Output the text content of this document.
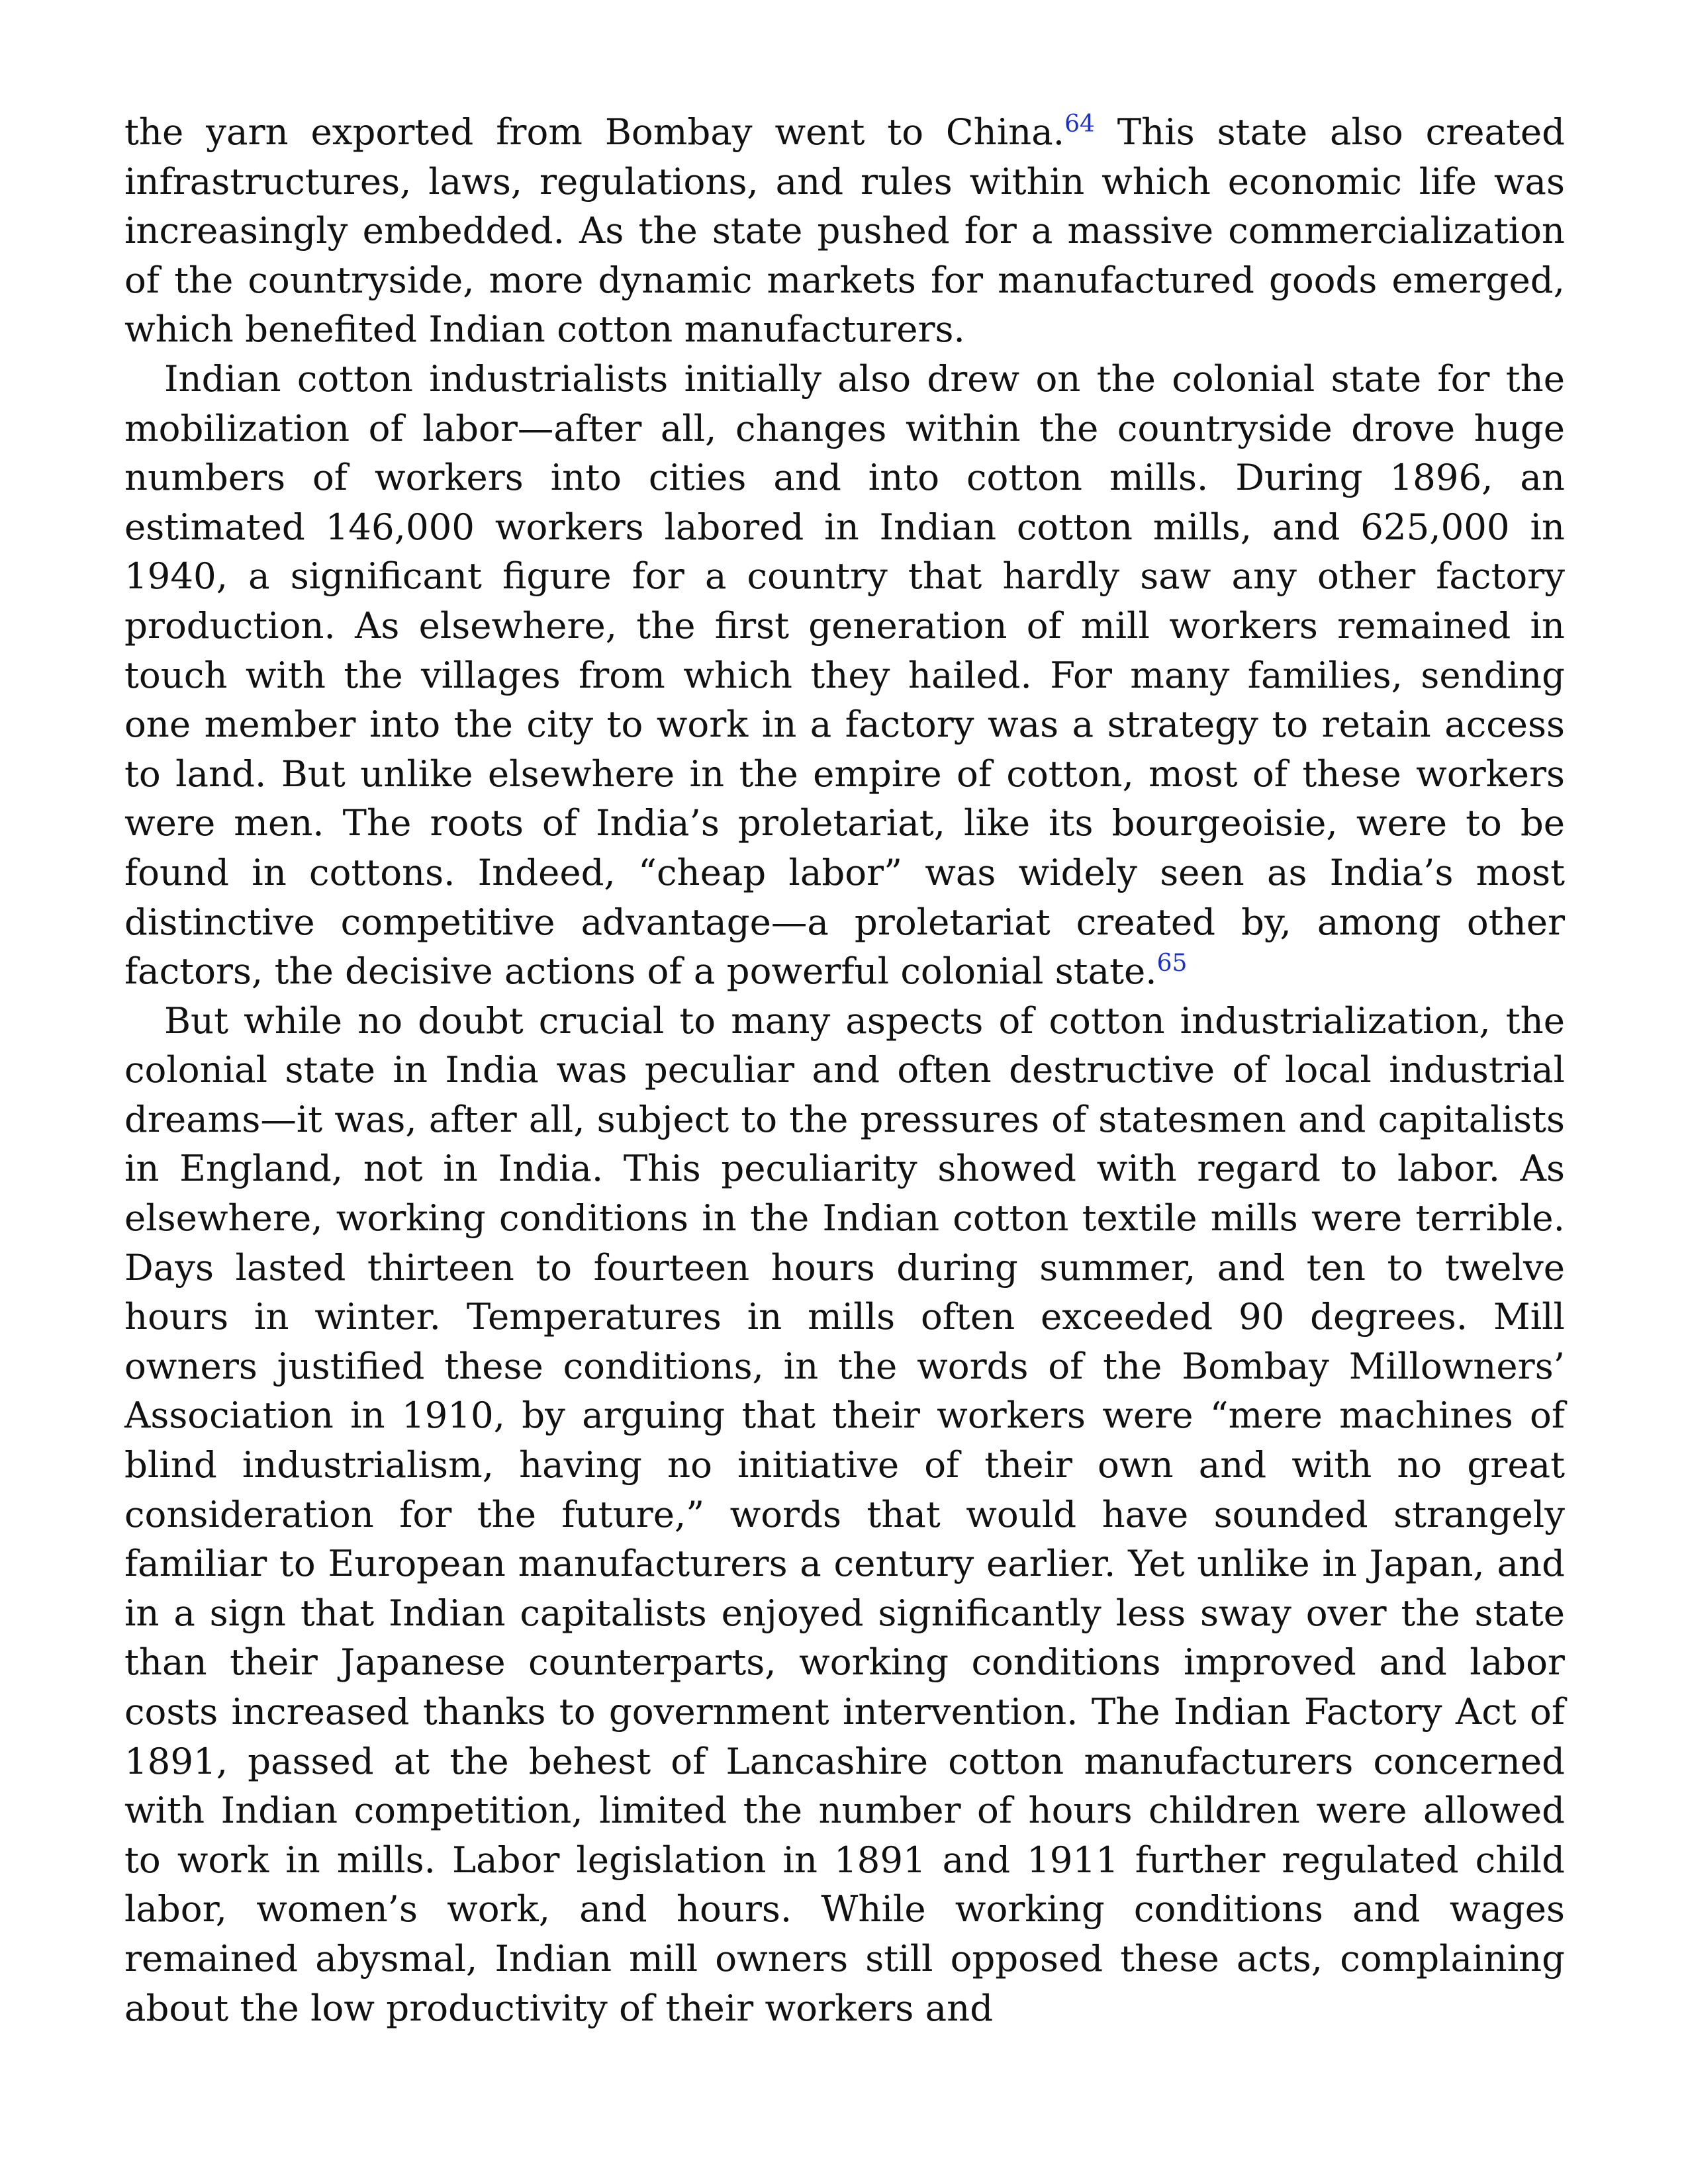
the yarn exported from Bombay went to China.$^{64}$ This state also created infrastructures, laws, regulations, and rules within which economic life was increasingly embedded. As the state pushed for a massive commercialization of the countryside, more dynamic markets for manufactured goods emerged, which benefited Indian cotton manufacturers.

Indian cotton industrialists initially also drew on the colonial state for the mobilization of labor—after all, changes within the countryside drove huge numbers of workers into cities and into cotton mills. During 1896, an estimated 146,000 workers labored in Indian cotton mills, and 625,000 in 1940, a significant figure for a country that hardly saw any other factory production. As elsewhere, the first generation of mill workers remained in touch with the villages from which they hailed. For many families, sending one member into the city to work in a factory was a strategy to retain access to land. But unlike elsewhere in the empire of cotton, most of these workers were men. The roots of India’s proletariat, like its bourgeoisie, were to be found in cottons. Indeed, “cheap labor” was widely seen as India’s most distinctive competitive advantage—a proletariat created by, among other factors, the decisive actions of a powerful colonial state.$^{65}$

But while no doubt crucial to many aspects of cotton industrialization, the colonial state in India was peculiar and often destructive of local industrial dreams—it was, after all, subject to the pressures of statesmen and capitalists in England, not in India. This peculiarity showed with regard to labor. As elsewhere, working conditions in the Indian cotton textile mills were terrible. Days lasted thirteen to fourteen hours during summer, and ten to twelve hours in winter. Temperatures in mills often exceeded 90 degrees. Mill owners justified these conditions, in the words of the Bombay Millowners’ Association in 1910, by arguing that their workers were “mere machines of blind industrialism, having no initiative of their own and with no great consideration for the future,” words that would have sounded strangely familiar to European manufacturers a century earlier. Yet unlike in Japan, and in a sign that Indian capitalists enjoyed significantly less sway over the state than their Japanese counterparts, working conditions improved and labor costs increased thanks to government intervention. The Indian Factory Act of 1891, passed at the behest of Lancashire cotton manufacturers concerned with Indian competition, limited the number of hours children were allowed to work in mills. Labor legislation in 1891 and 1911 further regulated child labor, women’s work, and hours. While working conditions and wages remained abysmal, Indian mill owners still opposed these acts, complaining about the low productivity of their workers and
